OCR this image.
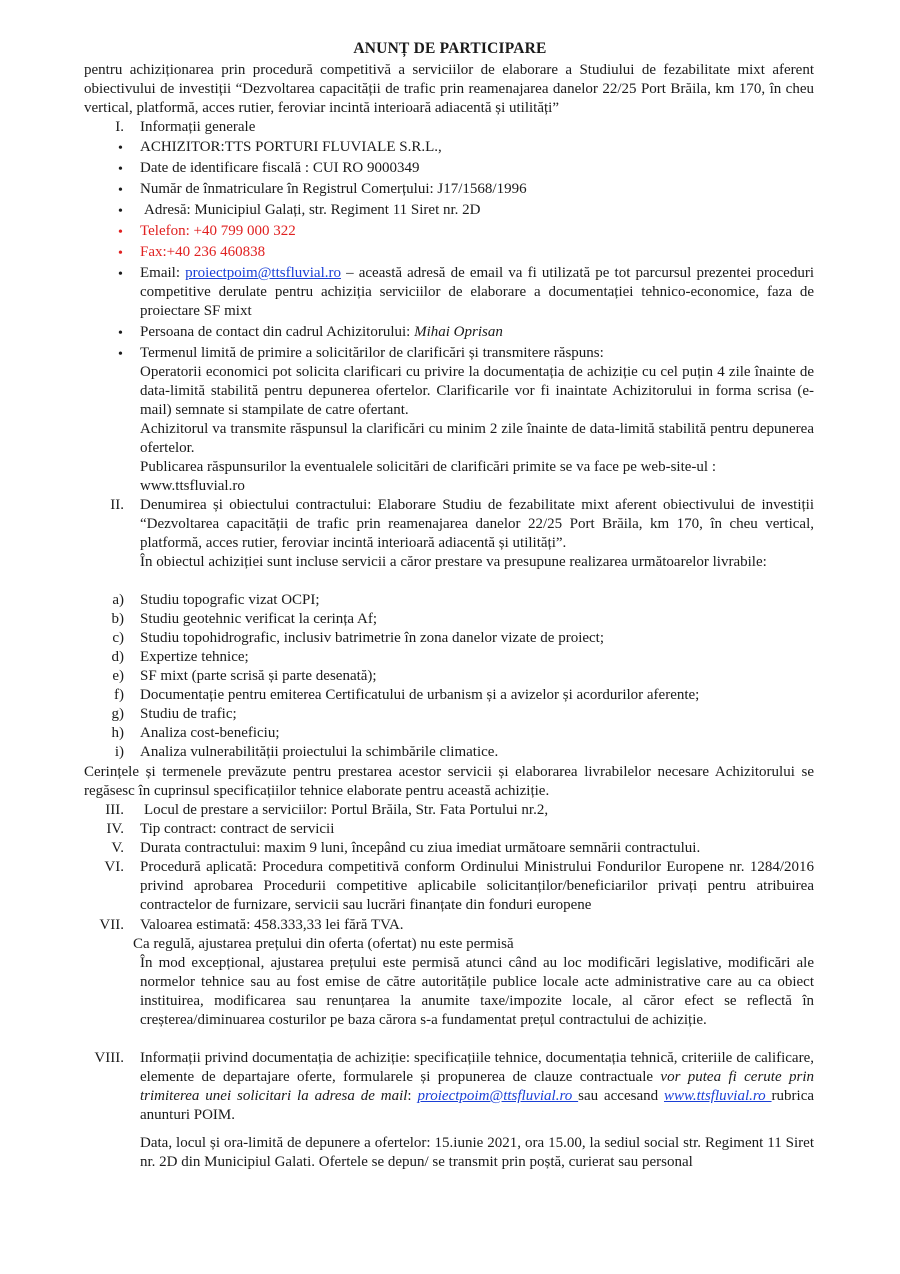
ANUNȚ DE PARTICIPARE
pentru achiziționarea prin procedură competitivă a serviciilor de elaborare a Studiului de fezabilitate mixt aferent obiectivului de investiții “Dezvoltarea capacității de trafic prin reamenajarea danelor 22/25 Port Brăila, km 170, în cheu vertical, platformă, acces rutier, feroviar incintă interioară adiacentă și utilități”
I. Informații generale
• ACHIZITOR:TTS PORTURI FLUVIALE S.R.L.,
• Date de identificare fiscală : CUI RO 9000349
• Număr de înmatriculare în Registrul Comerțului: J17/1568/1996
• Adresă: Municipiul Galați, str. Regiment 11 Siret nr. 2D
• Telefon: +40 799 000 322
• Fax:+40 236 460838
• Email: proiectpoim@ttsfluvial.ro – această adresă de email va fi utilizată pe tot parcursul prezentei proceduri competitive derulate pentru achiziția serviciilor de elaborare a documentației tehnico-economice, faza de proiectare SF mixt
• Persoana de contact din cadrul Achizitorului: Mihai Oprisan
• Termenul limită de primire a solicitărilor de clarificări și transmitere răspuns:
Operatorii economici pot solicita clarificari cu privire la documentația de achiziție cu cel puțin 4 zile înainte de data-limită stabilită pentru depunerea ofertelor. Clarificarile vor fi inaintate Achizitorului in forma scrisa (e-mail) semnate si stampilate de catre ofertant.
Achizitorul va transmite răspunsul la clarificări cu minim 2 zile înainte de data-limită stabilită pentru depunerea ofertelor.
Publicarea răspunsurilor la eventualele solicitări de clarificări primite se va face pe web-site-ul :
www.ttsfluvial.ro
II. Denumirea și obiectului contractului: Elaborare Studiu de fezabilitate mixt aferent obiectivului de investiții “Dezvoltarea capacității de trafic prin reamenajarea danelor 22/25 Port Brăila, km 170, în cheu vertical, platformă, acces rutier, feroviar incintă interioară adiacentă și utilități”.
În obiectul achiziției sunt incluse servicii a căror prestare va presupune realizarea următoarelor livrabile:
a) Studiu topografic vizat OCPI;
b) Studiu geotehnic verificat la cerința Af;
c) Studiu topohidrografic, inclusiv batrimetrie în zona danelor vizate de proiect;
d) Expertize tehnice;
e) SF mixt (parte scrisă și parte desenată);
f) Documentație pentru emiterea Certificatului de urbanism și a avizelor și acordurilor aferente;
g) Studiu de trafic;
h) Analiza cost-beneficiu;
i) Analiza vulnerabilității proiectului la schimbările climatice.
Cerințele și termenele prevăzute pentru prestarea acestor servicii și elaborarea livrabilelor necesare Achizitorului se regăsesc în cuprinsul specificațiilor tehnice elaborate pentru această achiziție.
III. Locul de prestare a serviciilor: Portul Brăila, Str. Fata Portului nr.2,
IV. Tip contract: contract de servicii
V. Durata contractului: maxim 9 luni, începând cu ziua imediat următoare semnării contractului.
VI. Procedură aplicată: Procedura competitivă conform Ordinului Ministrului Fondurilor Europene nr. 1284/2016 privind aprobarea Procedurii competitive aplicabile solicitanților/beneficiarilor privați pentru atribuirea contractelor de furnizare, servicii sau lucrări finanțate din fonduri europene
VII. Valoarea estimată: 458.333,33 lei fără TVA.
Ca regulă, ajustarea prețului din oferta (ofertat) nu este permisă
În mod excepțional, ajustarea prețului este permisă atunci când au loc modificări legislative, modificări ale normelor tehnice sau au fost emise de către autoritățile publice locale acte administrative care au ca obiect instituirea, modificarea sau renunțarea la anumite taxe/impozite locale, al căror efect se reflectă în creșterea/diminuarea costurilor pe baza cărora s-a fundamentat prețul contractului de achiziție.
VIII. Informații privind documentația de achiziție: specificațiile tehnice, documentația tehnică, criteriile de calificare, elemente de departajare oferte, formularele și propunerea de clauze contractuale vor putea fi cerute prin trimiterea unei solicitari la adresa de mail: proiectpoim@ttsfluvial.ro sau accesand www.ttsfluvial.ro rubrica anunturi POIM.
Data, locul și ora-limită de depunere a ofertelor: 15.iunie 2021, ora 15.00, la sediul social str. Regiment 11 Siret nr. 2D din Municipiul Galati. Ofertele se depun/ se transmit prin poștă, curierat sau personal
